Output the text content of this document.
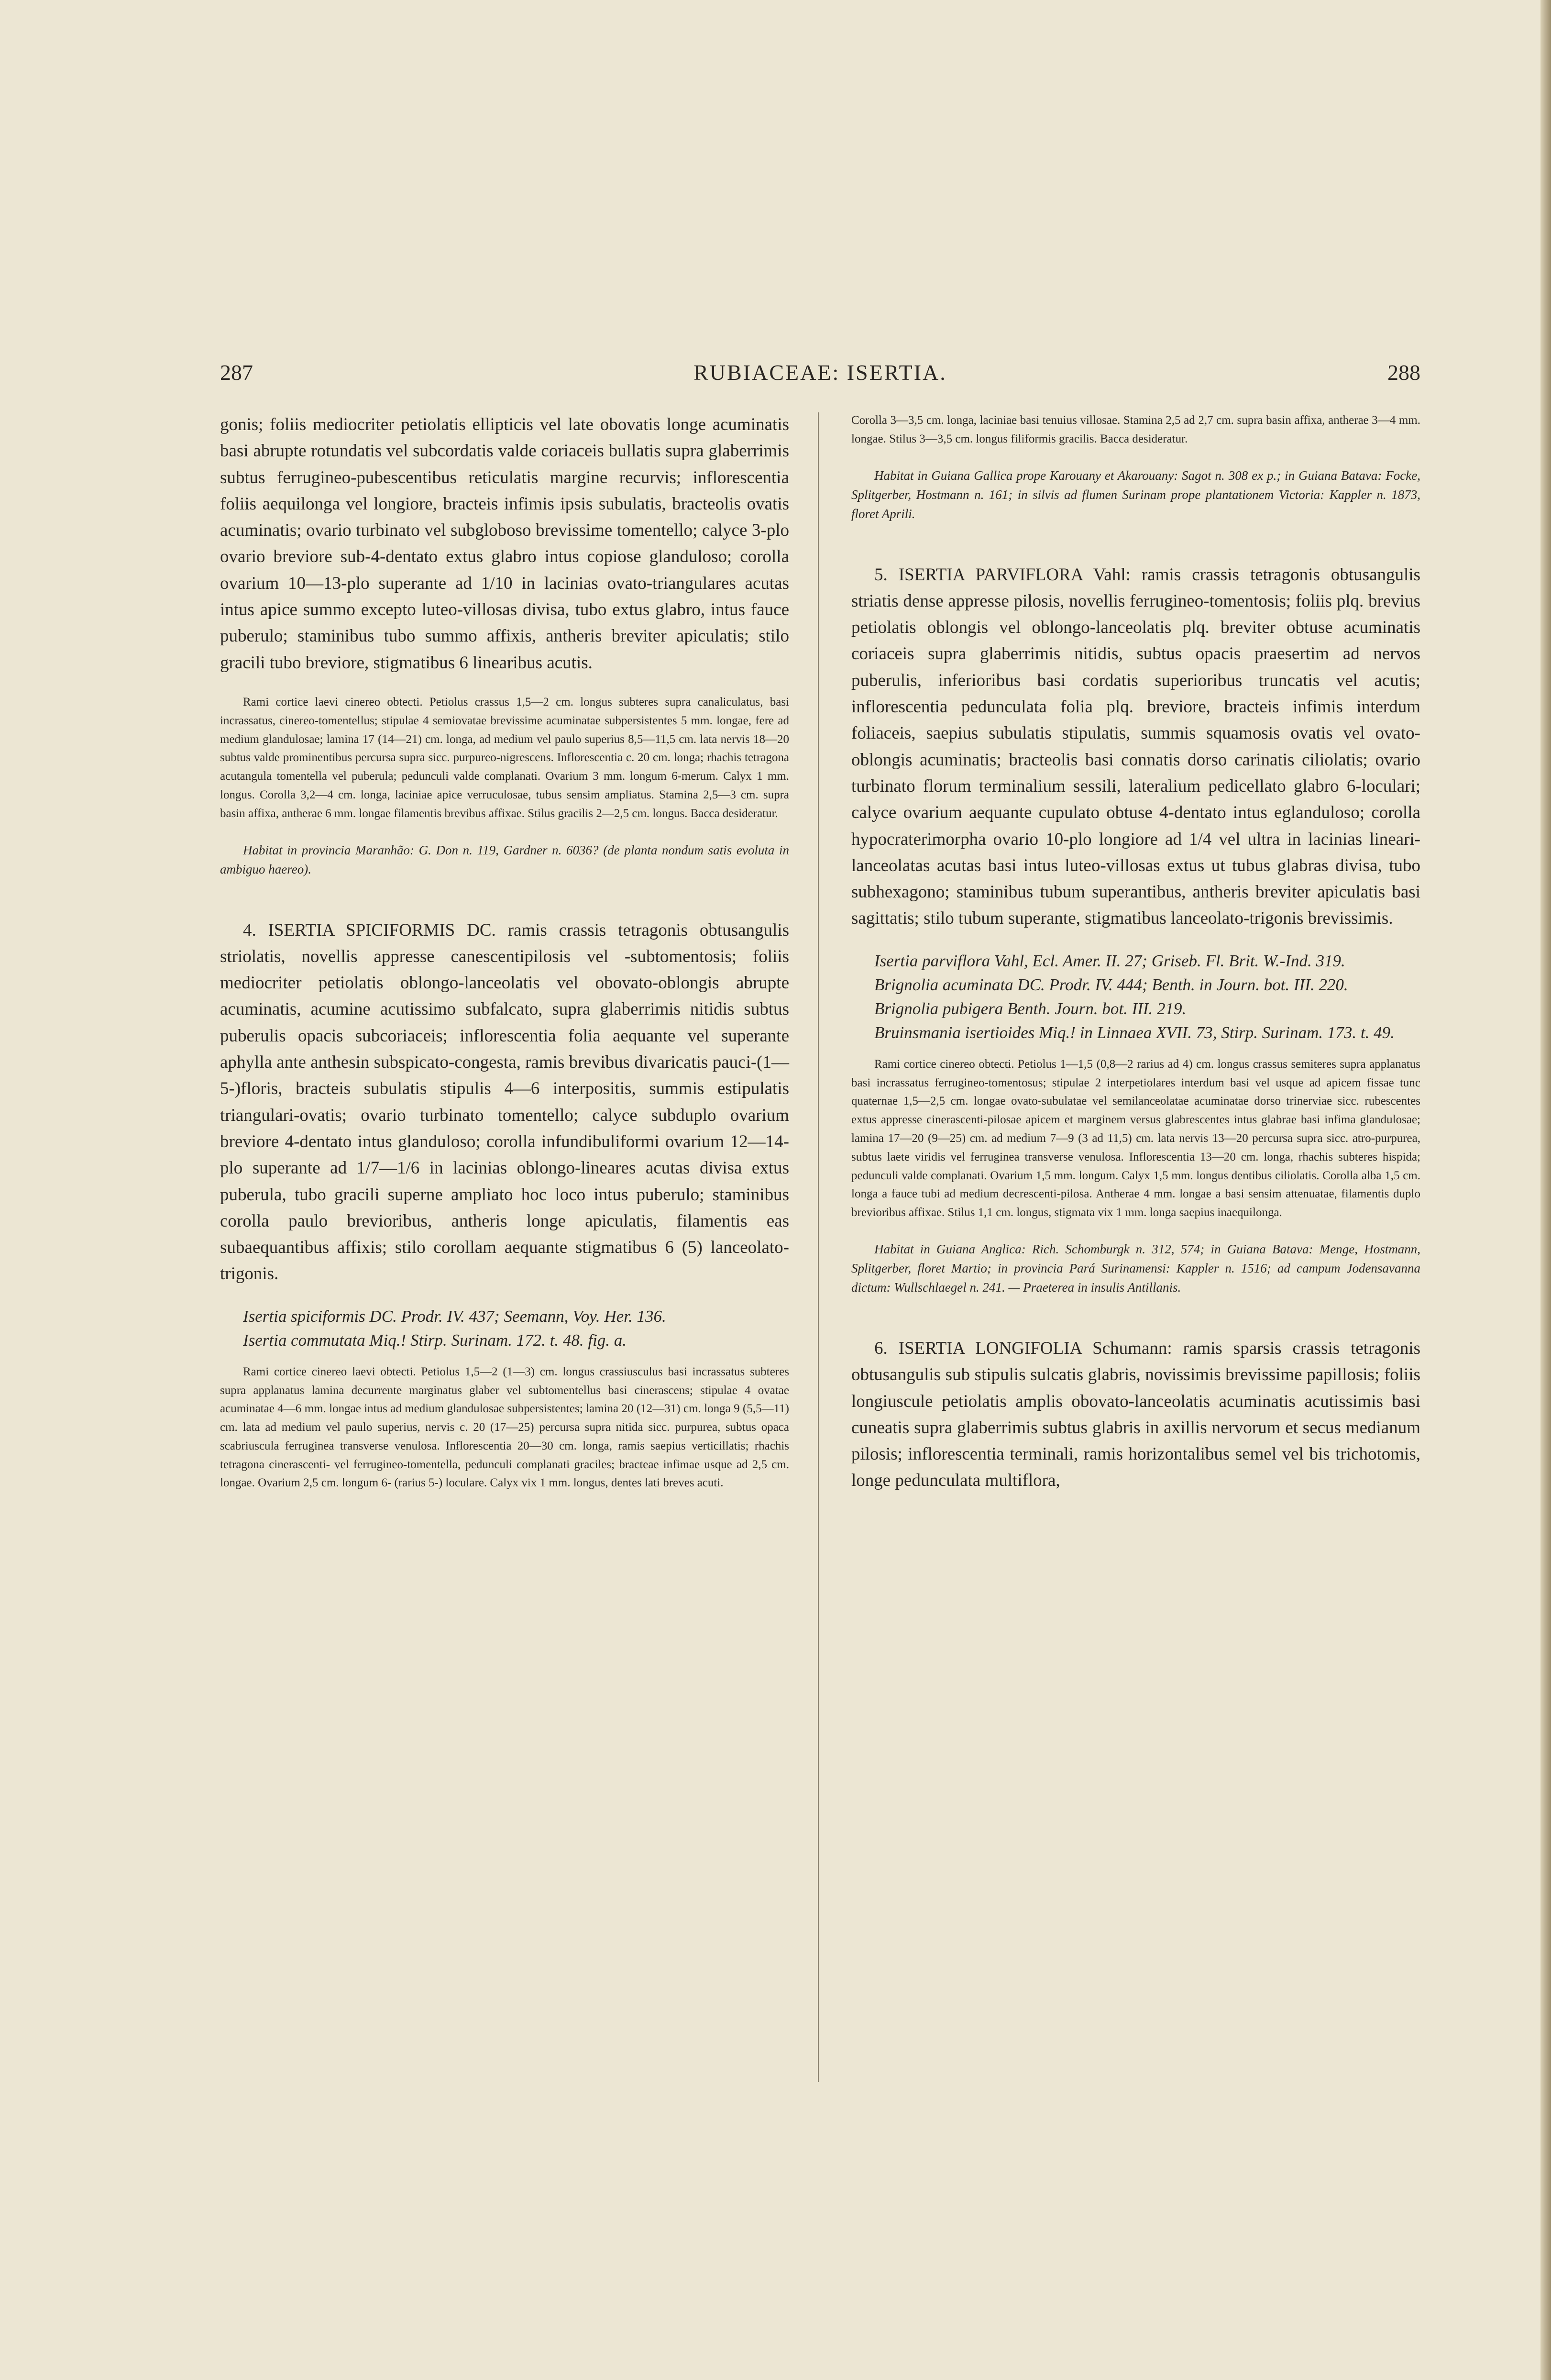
287	RUBIACEAE: ISERTIA.	288

gonis; foliis mediocriter petiolatis ellipticis vel late obovatis longe acuminatis basi abrupte rotundatis vel subcordatis valde coriaceis bullatis supra glaberrimis subtus ferrugineo-pubescentibus reticulatis margine recurvis; inflorescentia foliis aequilonga vel longiore, bracteis infimis ipsis subulatis, bracteolis ovatis acuminatis; ovario turbinato vel subgloboso brevissime tomentello; calyce 3-plo ovario breviore sub-4-dentato extus glabro intus copiose glanduloso; corolla ovarium 10—13-plo superante ad 1/10 in lacinias ovato-triangulares acutas intus apice summo excepto luteo-villosas divisa, tubo extus glabro, intus fauce puberulo; staminibus tubo summo affixis, antheris breviter apiculatis; stilo gracili tubo breviore, stigmatibus 6 linearibus acutis.

Rami cortice laevi cinereo obtecti. Petiolus crassus 1,5—2 cm. longus subteres supra canaliculatus, basi incrassatus, cinereo-tomentellus; stipulae 4 semiovatae brevissime acuminatae subpersistentes 5 mm. longae, fere ad medium glandulosae; lamina 17 (14—21) cm. longa, ad medium vel paulo superius 8,5—11,5 cm. lata nervis 18—20 subtus valde prominentibus percursa supra sicc. purpureo-nigrescens. Inflorescentia c. 20 cm. longa; rhachis tetragona acutangula tomentella vel puberula; pedunculi valde complanati. Ovarium 3 mm. longum 6-merum. Calyx 1 mm. longus. Corolla 3,2—4 cm. longa, laciniae apice verruculosae, tubus sensim ampliatus. Stamina 2,5—3 cm. supra basin affixa, antherae 6 mm. longae filamentis brevibus affixae. Stilus gracilis 2—2,5 cm. longus. Bacca desideratur.

Habitat in provincia Maranhão: G. Don n. 119, Gardner n. 6036? (de planta nondum satis evoluta in ambiguo haereo).

4. ISERTIA SPICIFORMIS DC. ramis crassis tetragonis obtusangulis striolatis, novellis appresse canescentipilosis vel -subtomentosis; foliis mediocriter petiolatis oblongo-lanceolatis vel obovato-oblongis abrupte acuminatis, acumine acutissimo subfalcato, supra glaberrimis nitidis subtus puberulis opacis subcoriaceis; inflorescentia folia aequante vel superante aphylla ante anthesin subspicato-congesta, ramis brevibus divaricatis pauci-(1—5-)floris, bracteis subulatis stipulis 4—6 interpositis, summis estipulatis triangulari-ovatis; ovario turbinato tomentello; calyce subduplo ovarium breviore 4-dentato intus glanduloso; corolla infundibuliformi ovarium 12—14-plo superante ad 1/7—1/6 in lacinias oblongo-lineares acutas divisa extus puberula, tubo gracili superne ampliato hoc loco intus puberulo; staminibus corolla paulo brevioribus, antheris longe apiculatis, filamentis eas subaequantibus affixis; stilo corollam aequante stigmatibus 6 (5) lanceolato-trigonis.

Isertia spiciformis DC. Prodr. IV. 437; Seemann, Voy. Her. 136.

Isertia commutata Miq.! Stirp. Surinam. 172. t. 48. fig. a.

Rami cortice cinereo laevi obtecti. Petiolus 1,5—2 (1—3) cm. longus crassiusculus basi incrassatus subteres supra applanatus lamina decurrente marginatus glaber vel subtomentellus basi cinerascens; stipulae 4 ovatae acuminatae 4—6 mm. longae intus ad medium glandulosae subpersistentes; lamina 20 (12—31) cm. longa 9 (5,5—11) cm. lata ad medium vel paulo superius, nervis c. 20 (17—25) percursa supra nitida sicc. purpurea, subtus opaca scabriuscula ferruginea transverse venulosa. Inflorescentia 20—30 cm. longa, ramis saepius verticillatis; rhachis tetragona cinerascenti- vel ferrugineo-tomentella, pedunculi complanati graciles; bracteae infimae usque ad 2,5 cm. longae. Ovarium 2,5 cm. longum 6- (rarius 5-) loculare. Calyx vix 1 mm. longus, dentes lati breves acuti.

Corolla 3—3,5 cm. longa, laciniae basi tenuius villosae. Stamina 2,5 ad 2,7 cm. supra basin affixa, antherae 3—4 mm. longae. Stilus 3—3,5 cm. longus filiformis gracilis. Bacca desideratur.

Habitat in Guiana Gallica prope Karouany et Akarouany: Sagot n. 308 ex p.; in Guiana Batava: Focke, Splitgerber, Hostmann n. 161; in silvis ad flumen Surinam prope plantationem Victoria: Kappler n. 1873, floret Aprili.

5. ISERTIA PARVIFLORA Vahl: ramis crassis tetragonis obtusangulis striatis dense appresse pilosis, novellis ferrugineo-tomentosis; foliis plq. brevius petiolatis oblongis vel oblongo-lanceolatis plq. breviter obtuse acuminatis coriaceis supra glaberrimis nitidis, subtus opacis praesertim ad nervos puberulis, inferioribus basi cordatis superioribus truncatis vel acutis; inflorescentia pedunculata folia plq. breviore, bracteis infimis interdum foliaceis, saepius subulatis stipulatis, summis squamosis ovatis vel ovato-oblongis acuminatis; bracteolis basi connatis dorso carinatis ciliolatis; ovario turbinato florum terminalium sessili, lateralium pedicellato glabro 6-loculari; calyce ovarium aequante cupulato obtuse 4-dentato intus eglanduloso; corolla hypocraterimorpha ovario 10-plo longiore ad 1/4 vel ultra in lacinias lineari-lanceolatas acutas basi intus luteo-villosas extus ut tubus glabras divisa, tubo subhexagono; staminibus tubum superantibus, antheris breviter apiculatis basi sagittatis; stilo tubum superante, stigmatibus lanceolato-trigonis brevissimis.

Isertia parviflora Vahl, Ecl. Amer. II. 27; Griseb. Fl. Brit. W.-Ind. 319.

Brignolia acuminata DC. Prodr. IV. 444; Benth. in Journ. bot. III. 220.

Brignolia pubigera Benth. Journ. bot. III. 219.

Bruinsmania isertioides Miq.! in Linnaea XVII. 73, Stirp. Surinam. 173. t. 49.

Rami cortice cinereo obtecti. Petiolus 1—1,5 (0,8—2 rarius ad 4) cm. longus crassus semiteres supra applanatus basi incrassatus ferrugineo-tomentosus; stipulae 2 interpetiolares interdum basi vel usque ad apicem fissae tunc quaternae 1,5—2,5 cm. longae ovato-subulatae vel semilanceolatae acuminatae dorso trinerviae sicc. rubescentes extus appresse cinerascenti-pilosae apicem et marginem versus glabrescentes intus glabrae basi infima glandulosae; lamina 17—20 (9—25) cm. ad medium 7—9 (3 ad 11,5) cm. lata nervis 13—20 percursa supra sicc. atro-purpurea, subtus laete viridis vel ferruginea transverse venulosa. Inflorescentia 13—20 cm. longa, rhachis subteres hispida; pedunculi valde complanati. Ovarium 1,5 mm. longum. Calyx 1,5 mm. longus dentibus ciliolatis. Corolla alba 1,5 cm. longa a fauce tubi ad medium decrescenti-pilosa. Antherae 4 mm. longae a basi sensim attenuatae, filamentis duplo brevioribus affixae. Stilus 1,1 cm. longus, stigmata vix 1 mm. longa saepius inaequilonga.

Habitat in Guiana Anglica: Rich. Schomburgk n. 312, 574; in Guiana Batava: Menge, Hostmann, Splitgerber, floret Martio; in provincia Pará Surinamensi: Kappler n. 1516; ad campum Jodensavanna dictum: Wullschlaegel n. 241. — Praeterea in insulis Antillanis.

6. ISERTIA LONGIFOLIA Schumann: ramis sparsis crassis tetragonis obtusangulis sub stipulis sulcatis glabris, novissimis brevissime papillosis; foliis longiuscule petiolatis amplis obovato-lanceolatis acuminatis acutissimis basi cuneatis supra glaberrimis subtus glabris in axillis nervorum et secus medianum pilosis; inflorescentia terminali, ramis horizontalibus semel vel bis trichotomis, longe pedunculata multiflora,
